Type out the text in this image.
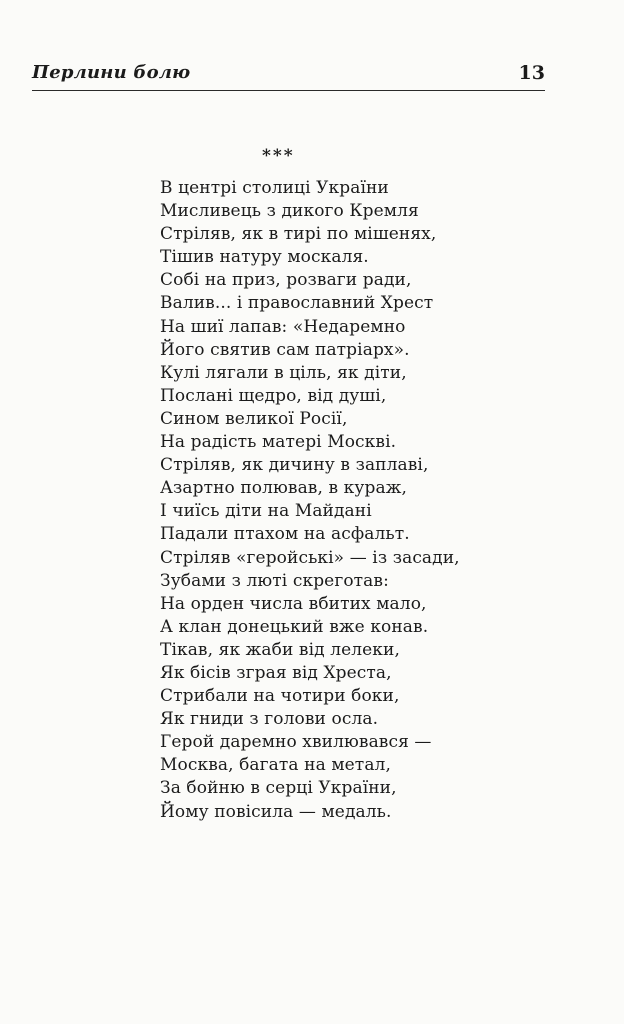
Перлини болю	13
***
В центрі столиці України
Мисливець з дикого Кремля
Стріляв, як в тирі по мішенях,
Тішив натуру москаля.
Собі на приз, розваги ради,
Валив... і православний Хрест
На шиї лапав: «Недаремно
Його святив сам патріарх».
Кулі лягали в ціль, як діти,
Послані щедро, від душі,
Сином великої Росії,
На радість матері Москві.
Стріляв, як дичину в заплаві,
Азартно полював, в кураж,
І чиїсь діти на Майдані
Падали птахом на асфальт.
Стріляв «геройські» — із засади,
Зубами з люті скреготав:
На орден числа вбитих мало,
А клан донецький вже конав.
Тікав, як жаби від лелеки,
Як бісів зграя від Хреста,
Стрибали на чотири боки,
Як гниди з голови осла.
Герой даремно хвилювався —
Москва, багата на метал,
За бойню в серці України,
Йому повісила — медаль.
